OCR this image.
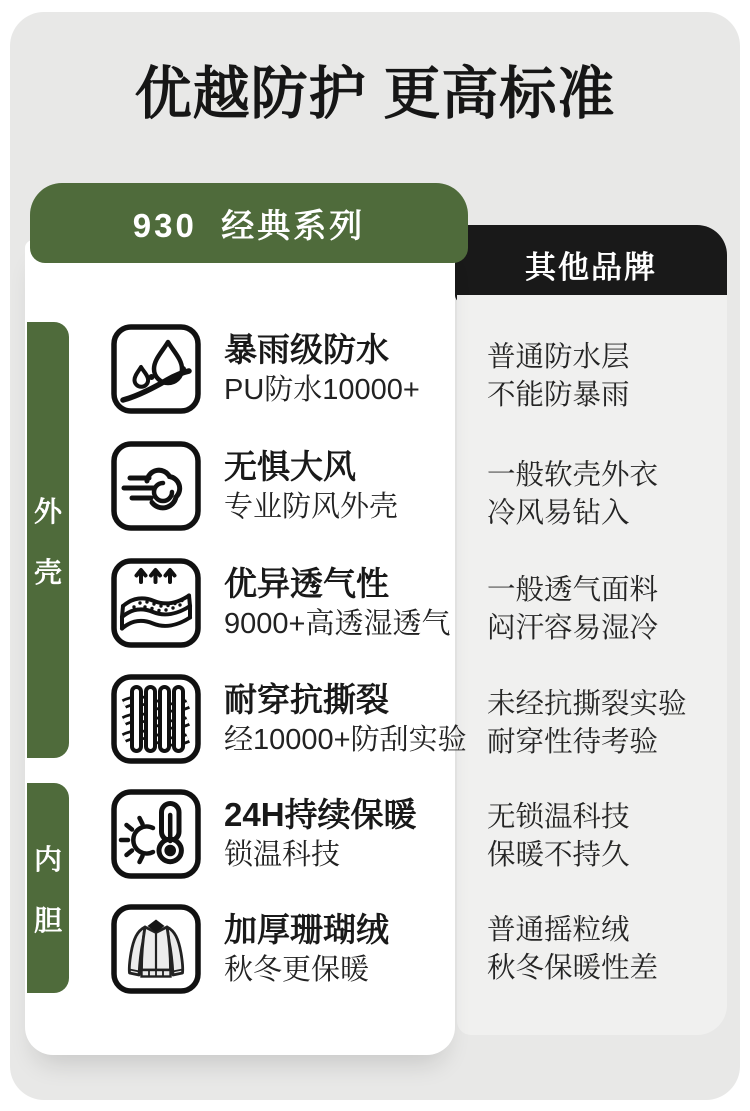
优越防护 更高标准
其他品牌
普通防水层
不能防暴雨
一般软壳外衣
冷风易钻入
一般透气面料
闷汗容易湿冷
未经抗撕裂实验
耐穿性待考验
无锁温科技
保暖不持久
普通摇粒绒
秋冬保暖性差
暴雨级防水
PU防水10000+
无惧大风
专业防风外壳
优异透气性
9000+高透湿透气
耐穿抗撕裂
经10000+防刮实验
24H持续保暖
锁温科技
加厚珊瑚绒
秋冬更保暖
930  经典系列
外
壳
内
胆
